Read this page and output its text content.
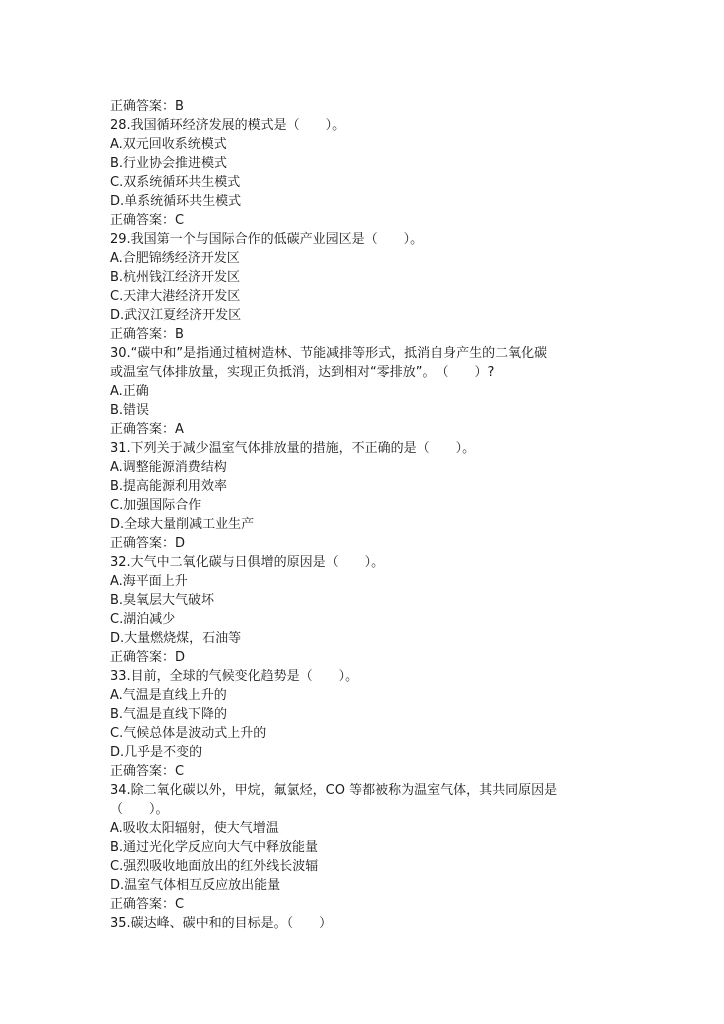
正确答案：B
28.我国循环经济发展的模式是（　　）。
A.双元回收系统模式
B.行业协会推进模式
C.双系统循环共生模式
D.单系统循环共生模式
正确答案：C
29.我国第一个与国际合作的低碳产业园区是（　　）。
A.合肥锦绣经济开发区
B.杭州钱江经济开发区
C.天津大港经济开发区
D.武汉江夏经济开发区
正确答案：B
30.“碳中和”是指通过植树造林、节能减排等形式，抵消自身产生的二氧化碳
或温室气体排放量，实现正负抵消，达到相对“零排放”。　（　　）?
A.正确
B.错误
正确答案：A
31.下列关于减少温室气体排放量的措施，不正确的是（　　）。
A.调整能源消费结构
B.提高能源利用效率
C.加强国际合作
D.全球大量削减工业生产
正确答案：D
32.大气中二氧化碳与日俱增的原因是（　　）。
A.海平面上升
B.臭氧层大气破坏
C.湖泊减少
D.大量燃烧煤，石油等
正确答案：D
33.目前，全球的气候变化趋势是（　　）。
A.气温是直线上升的
B.气温是直线下降的
C.气候总体是波动式上升的
D.几乎是不变的
正确答案：C
34.除二氧化碳以外，甲烷，氟氯烃，CO 等都被称为温室气体，其共同原因是
（　　）。
A.吸收太阳辐射，使大气增温
B.通过光化学反应向大气中释放能量
C.强烈吸收地面放出的红外线长波辐
D.温室气体相互反应放出能量
正确答案：C
35.碳达峰、碳中和的目标是。（　　）
